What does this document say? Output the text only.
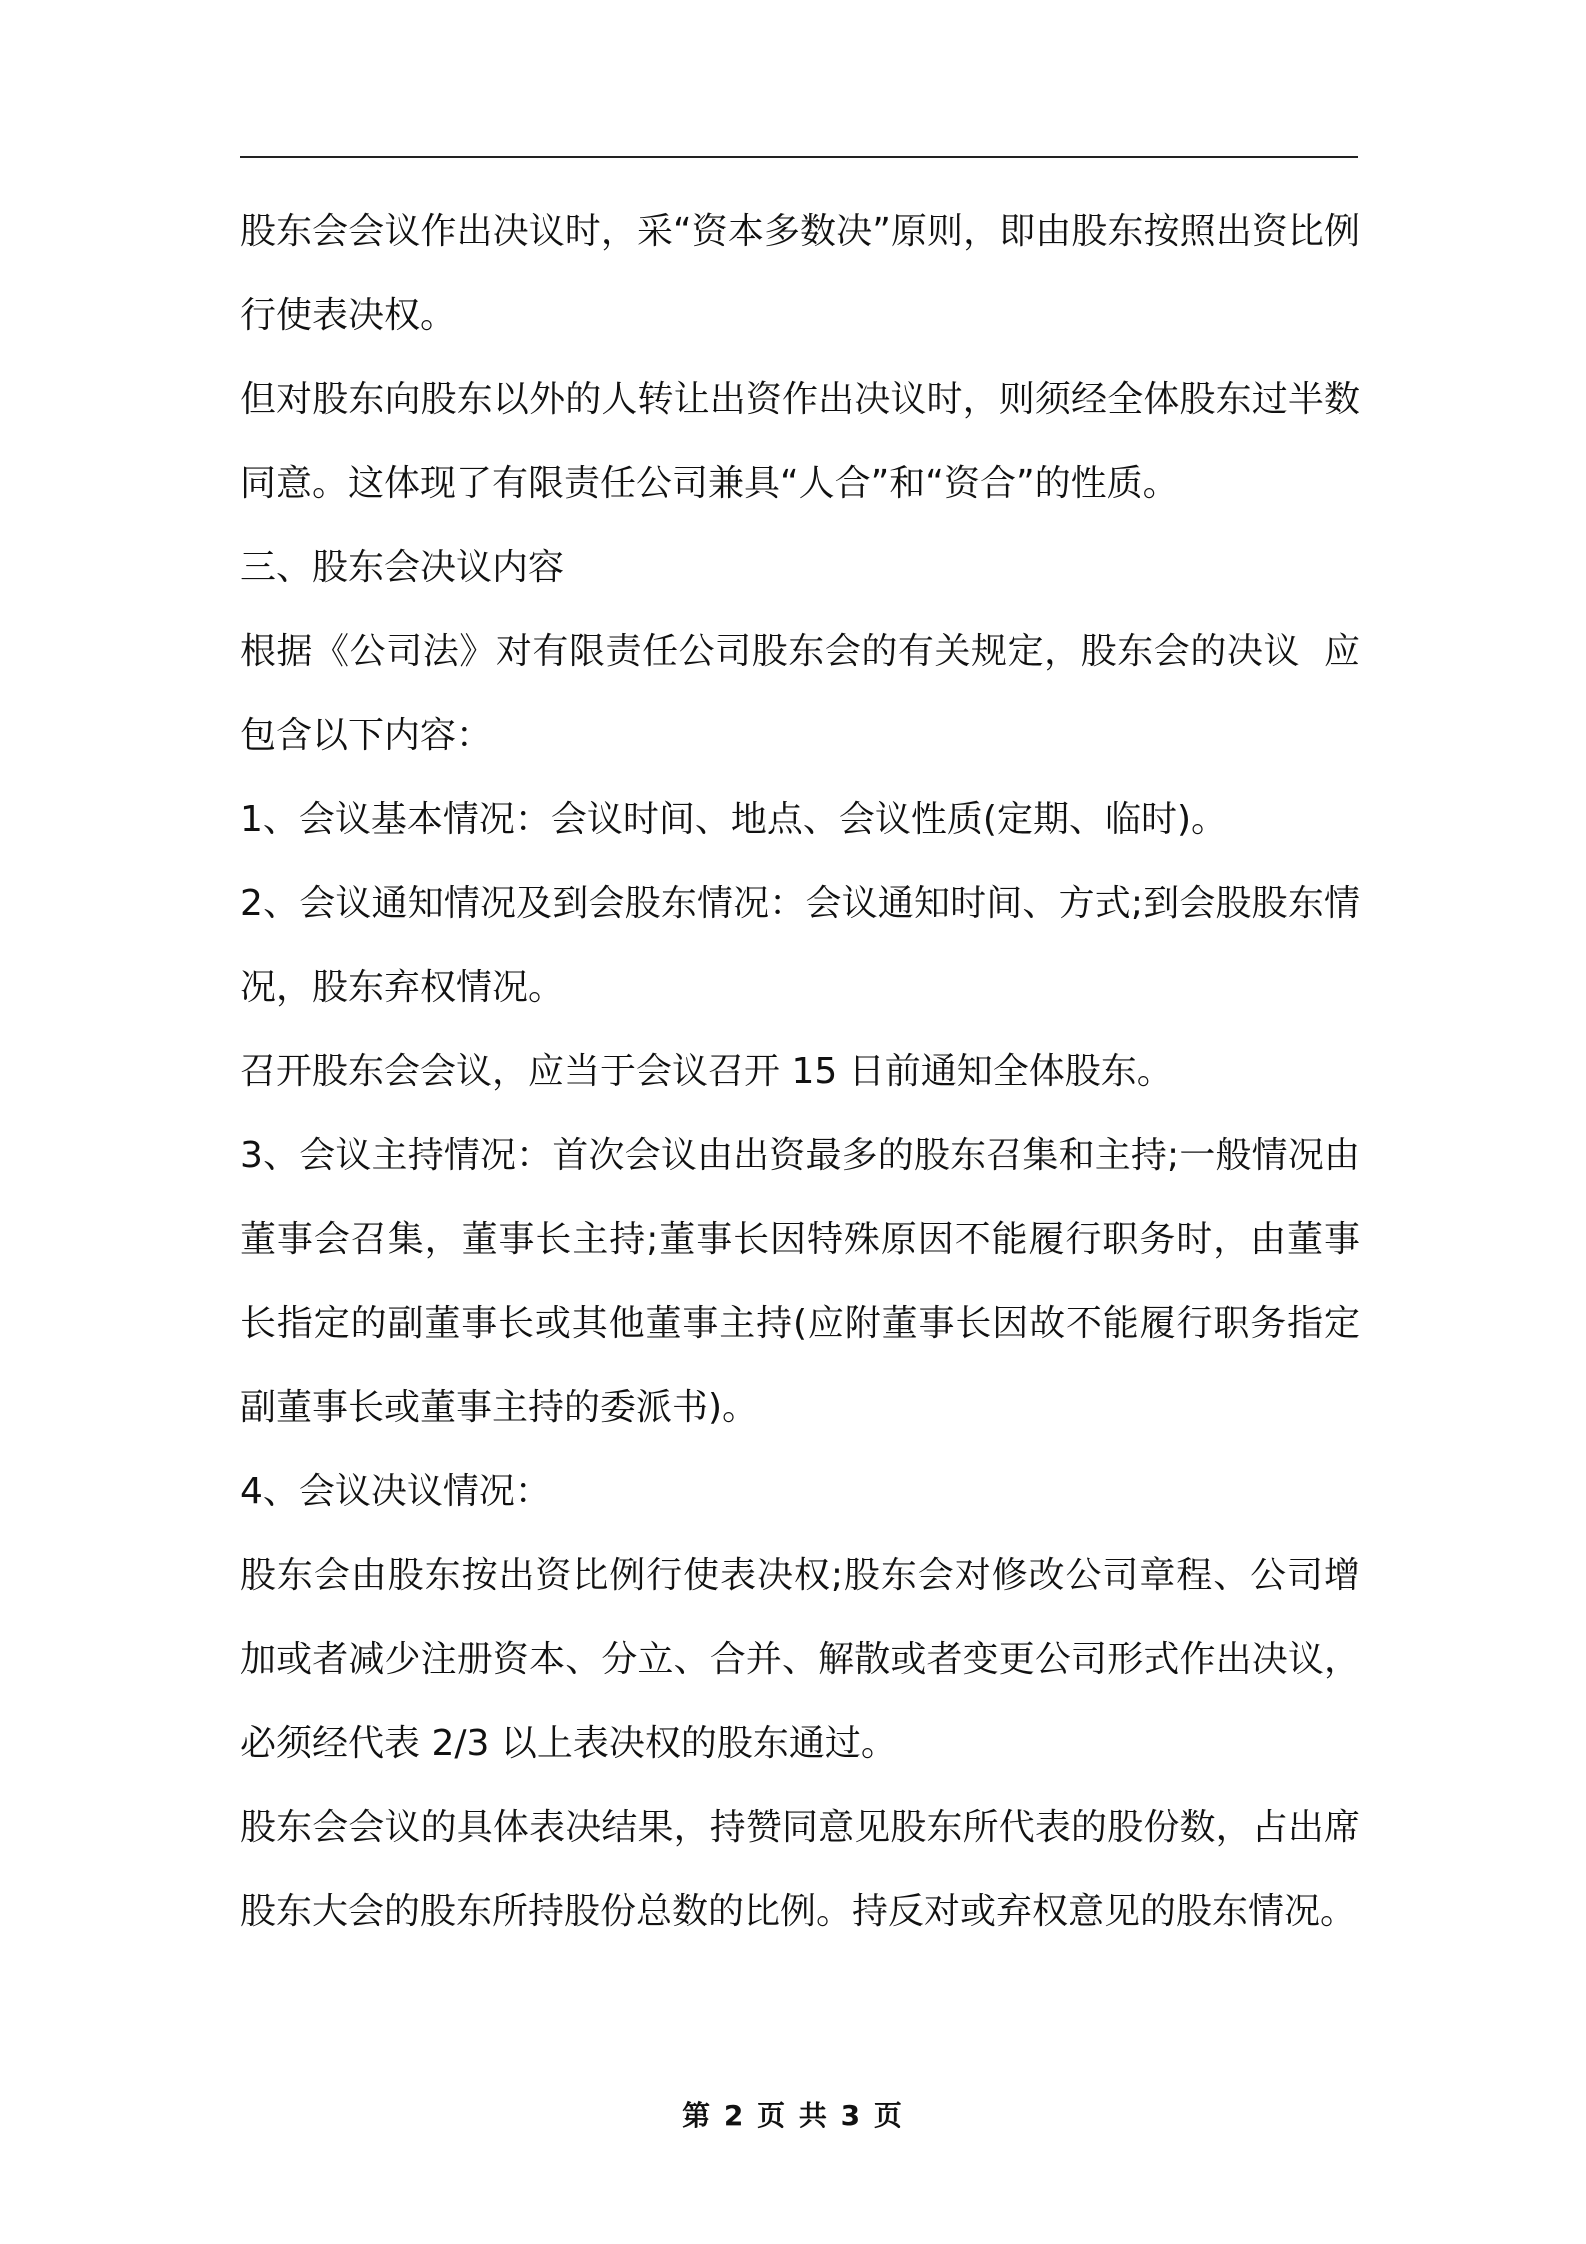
股东会会议作出决议时，采“资本多数决”原则，即由股东按照出资比例行使表决权。

但对股东向股东以外的人转让出资作出决议时，则须经全体股东过半数同意。这体现了有限责任公司兼具“人合”和“资合”的性质。

三、股东会决议内容

根据《公司法》对有限责任公司股东会的有关规定，股东会的决议  应包含以下内容：

1、会议基本情况：会议时间、地点、会议性质(定期、临时)。

2、会议通知情况及到会股东情况：会议通知时间、方式;到会股股东情况，股东弃权情况。

召开股东会会议，应当于会议召开 15 日前通知全体股东。

3、会议主持情况：首次会议由出资最多的股东召集和主持;一般情况由董事会召集，董事长主持;董事长因特殊原因不能履行职务时，由董事长指定的副董事长或其他董事主持(应附董事长因故不能履行职务指定副董事长或董事主持的委派书)。

4、会议决议情况：

股东会由股东按出资比例行使表决权;股东会对修改公司章程、公司增加或者减少注册资本、分立、合并、解散或者变更公司形式作出决议，必须经代表 2/3 以上表决权的股东通过。

股东会会议的具体表决结果，持赞同意见股东所代表的股份数，占出席股东大会的股东所持股份总数的比例。持反对或弃权意见的股东情况。

第 2 页 共 3 页
